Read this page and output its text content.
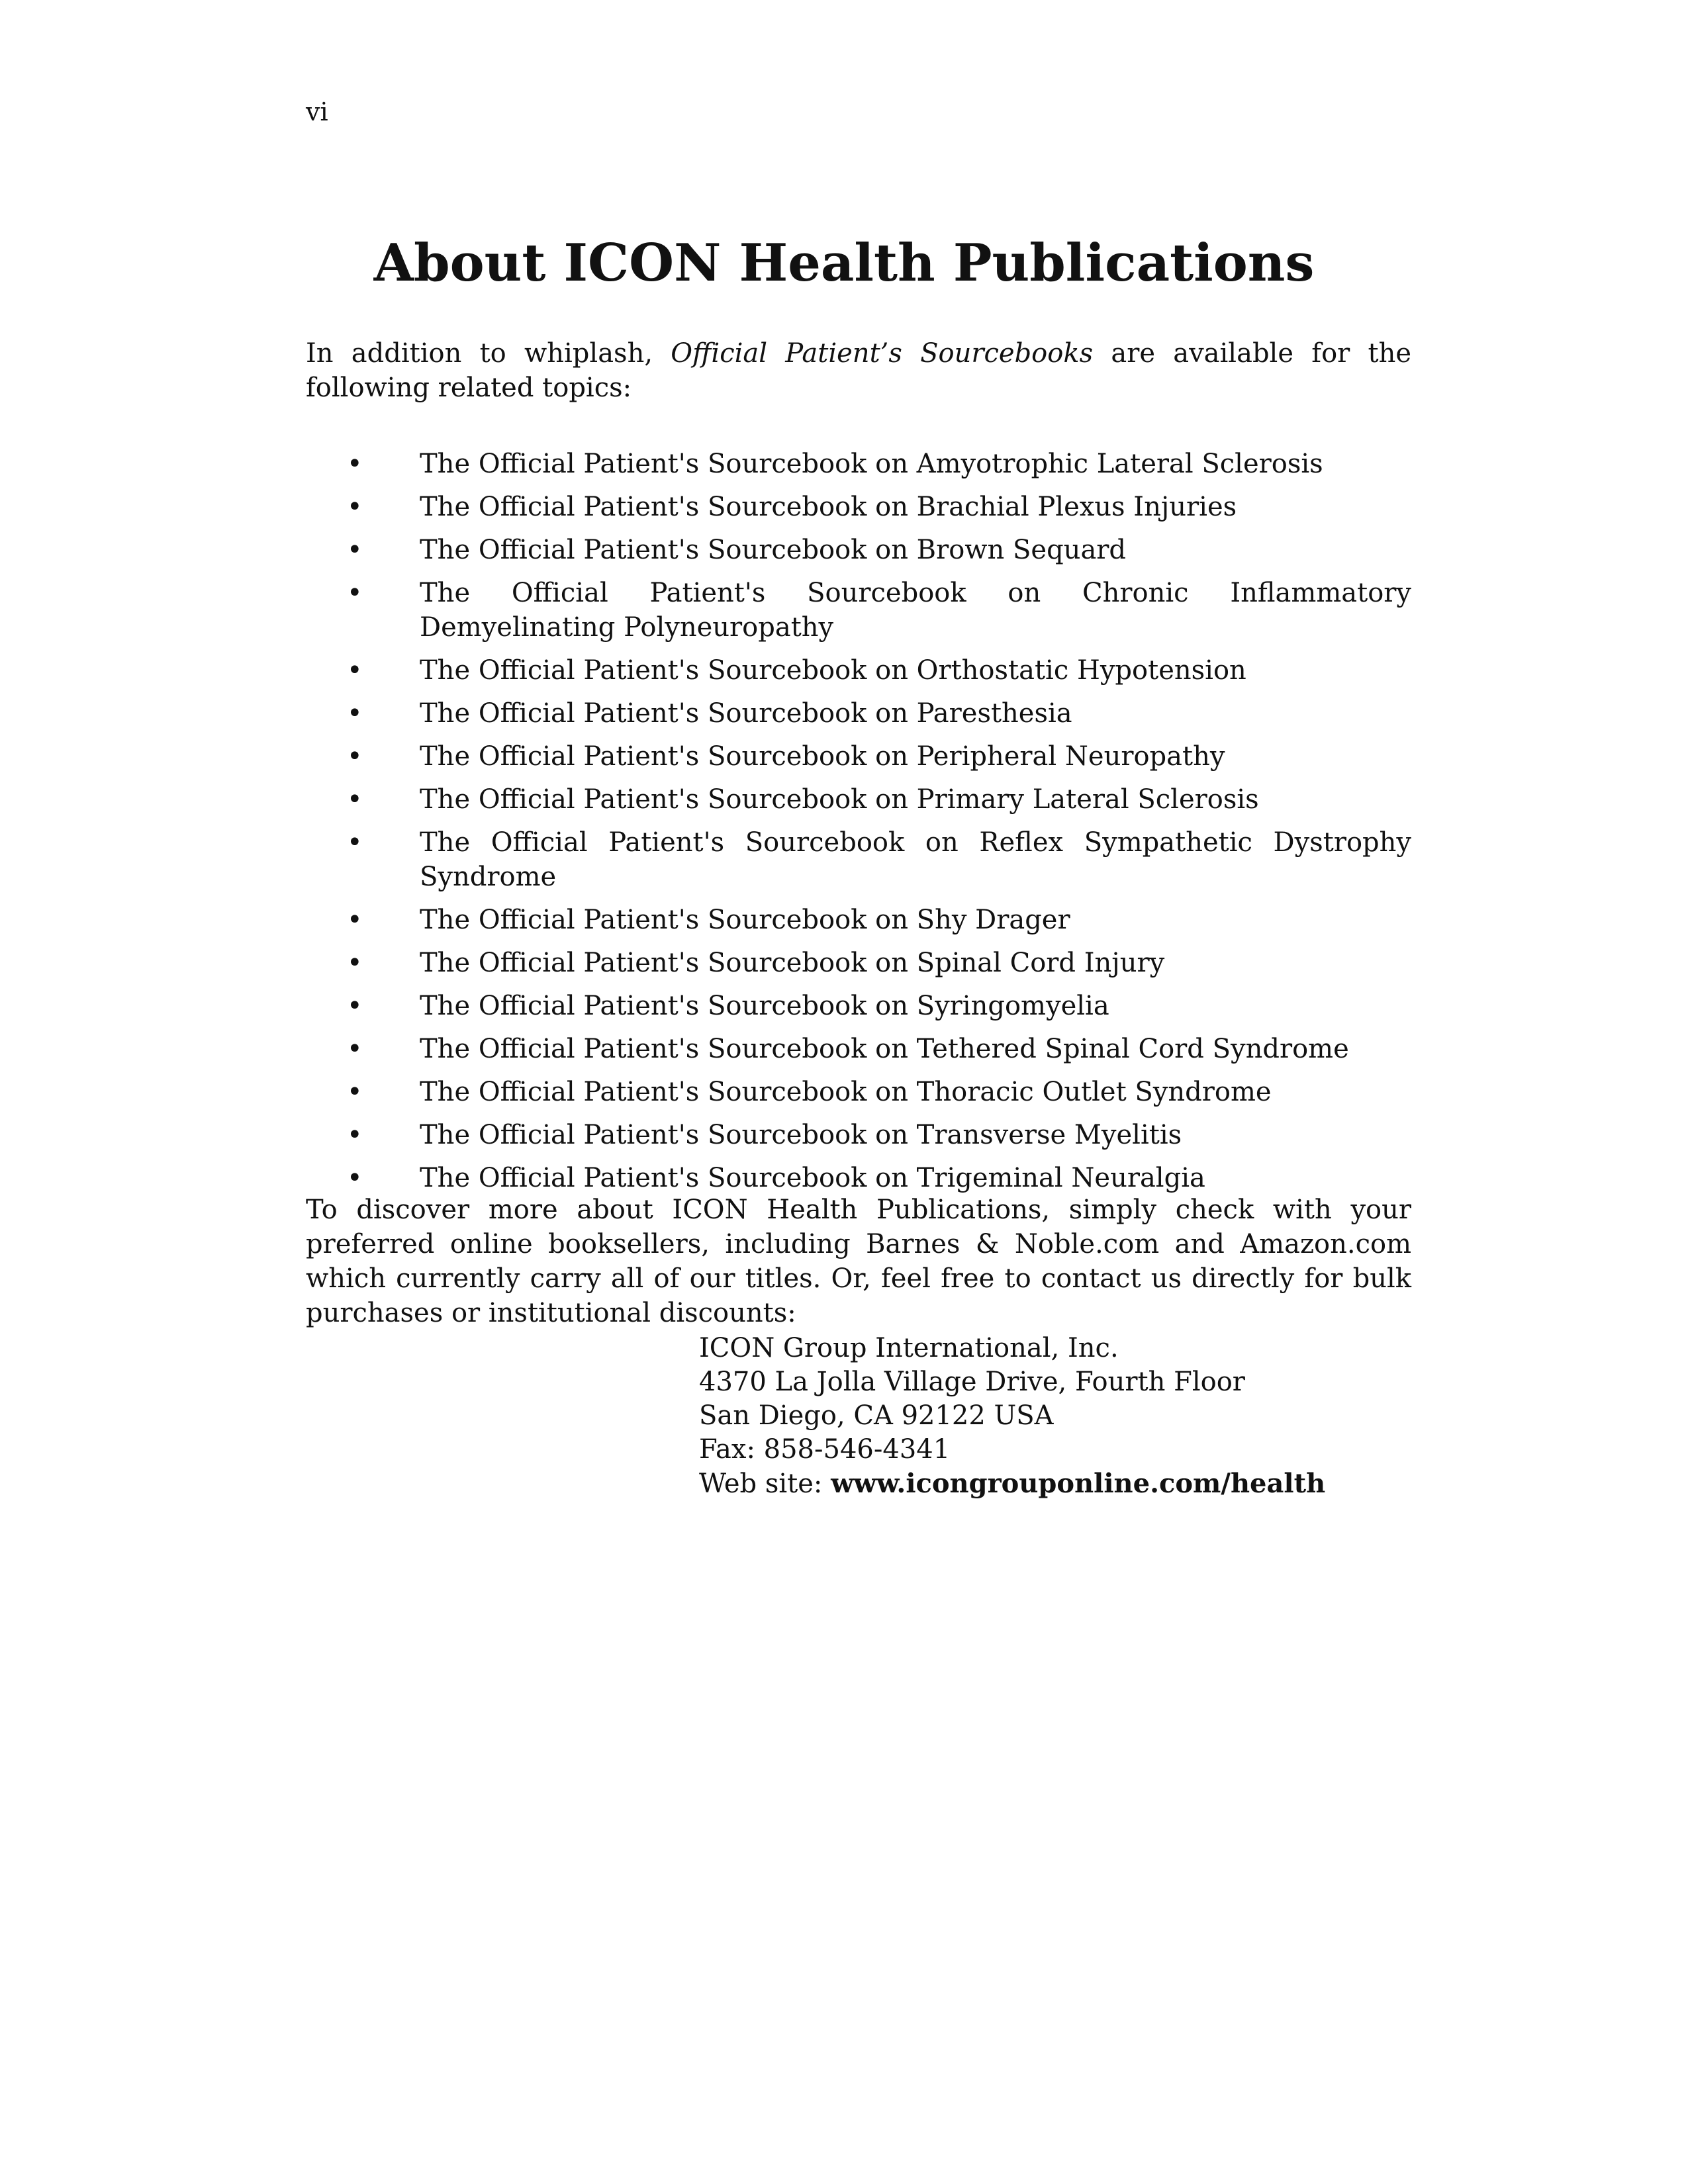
vi
About ICON Health Publications

In addition to whiplash, Official Patient’s Sourcebooks are available for the following related topics:

• The Official Patient's Sourcebook on Amyotrophic Lateral Sclerosis
• The Official Patient's Sourcebook on Brachial Plexus Injuries
• The Official Patient's Sourcebook on Brown Sequard
• The Official Patient's Sourcebook on Chronic Inflammatory Demyelinating Polyneuropathy
• The Official Patient's Sourcebook on Orthostatic Hypotension
• The Official Patient's Sourcebook on Paresthesia
• The Official Patient's Sourcebook on Peripheral Neuropathy
• The Official Patient's Sourcebook on Primary Lateral Sclerosis
• The Official Patient's Sourcebook on Reflex Sympathetic Dystrophy Syndrome
• The Official Patient's Sourcebook on Shy Drager
• The Official Patient's Sourcebook on Spinal Cord Injury
• The Official Patient's Sourcebook on Syringomyelia
• The Official Patient's Sourcebook on Tethered Spinal Cord Syndrome
• The Official Patient's Sourcebook on Thoracic Outlet Syndrome
• The Official Patient's Sourcebook on Transverse Myelitis
• The Official Patient's Sourcebook on Trigeminal Neuralgia

To discover more about ICON Health Publications, simply check with your preferred online booksellers, including Barnes & Noble.com and Amazon.com which currently carry all of our titles. Or, feel free to contact us directly for bulk purchases or institutional discounts:

ICON Group International, Inc.
4370 La Jolla Village Drive, Fourth Floor
San Diego, CA 92122 USA
Fax: 858-546-4341
Web site: www.icongrouponline.com/health
